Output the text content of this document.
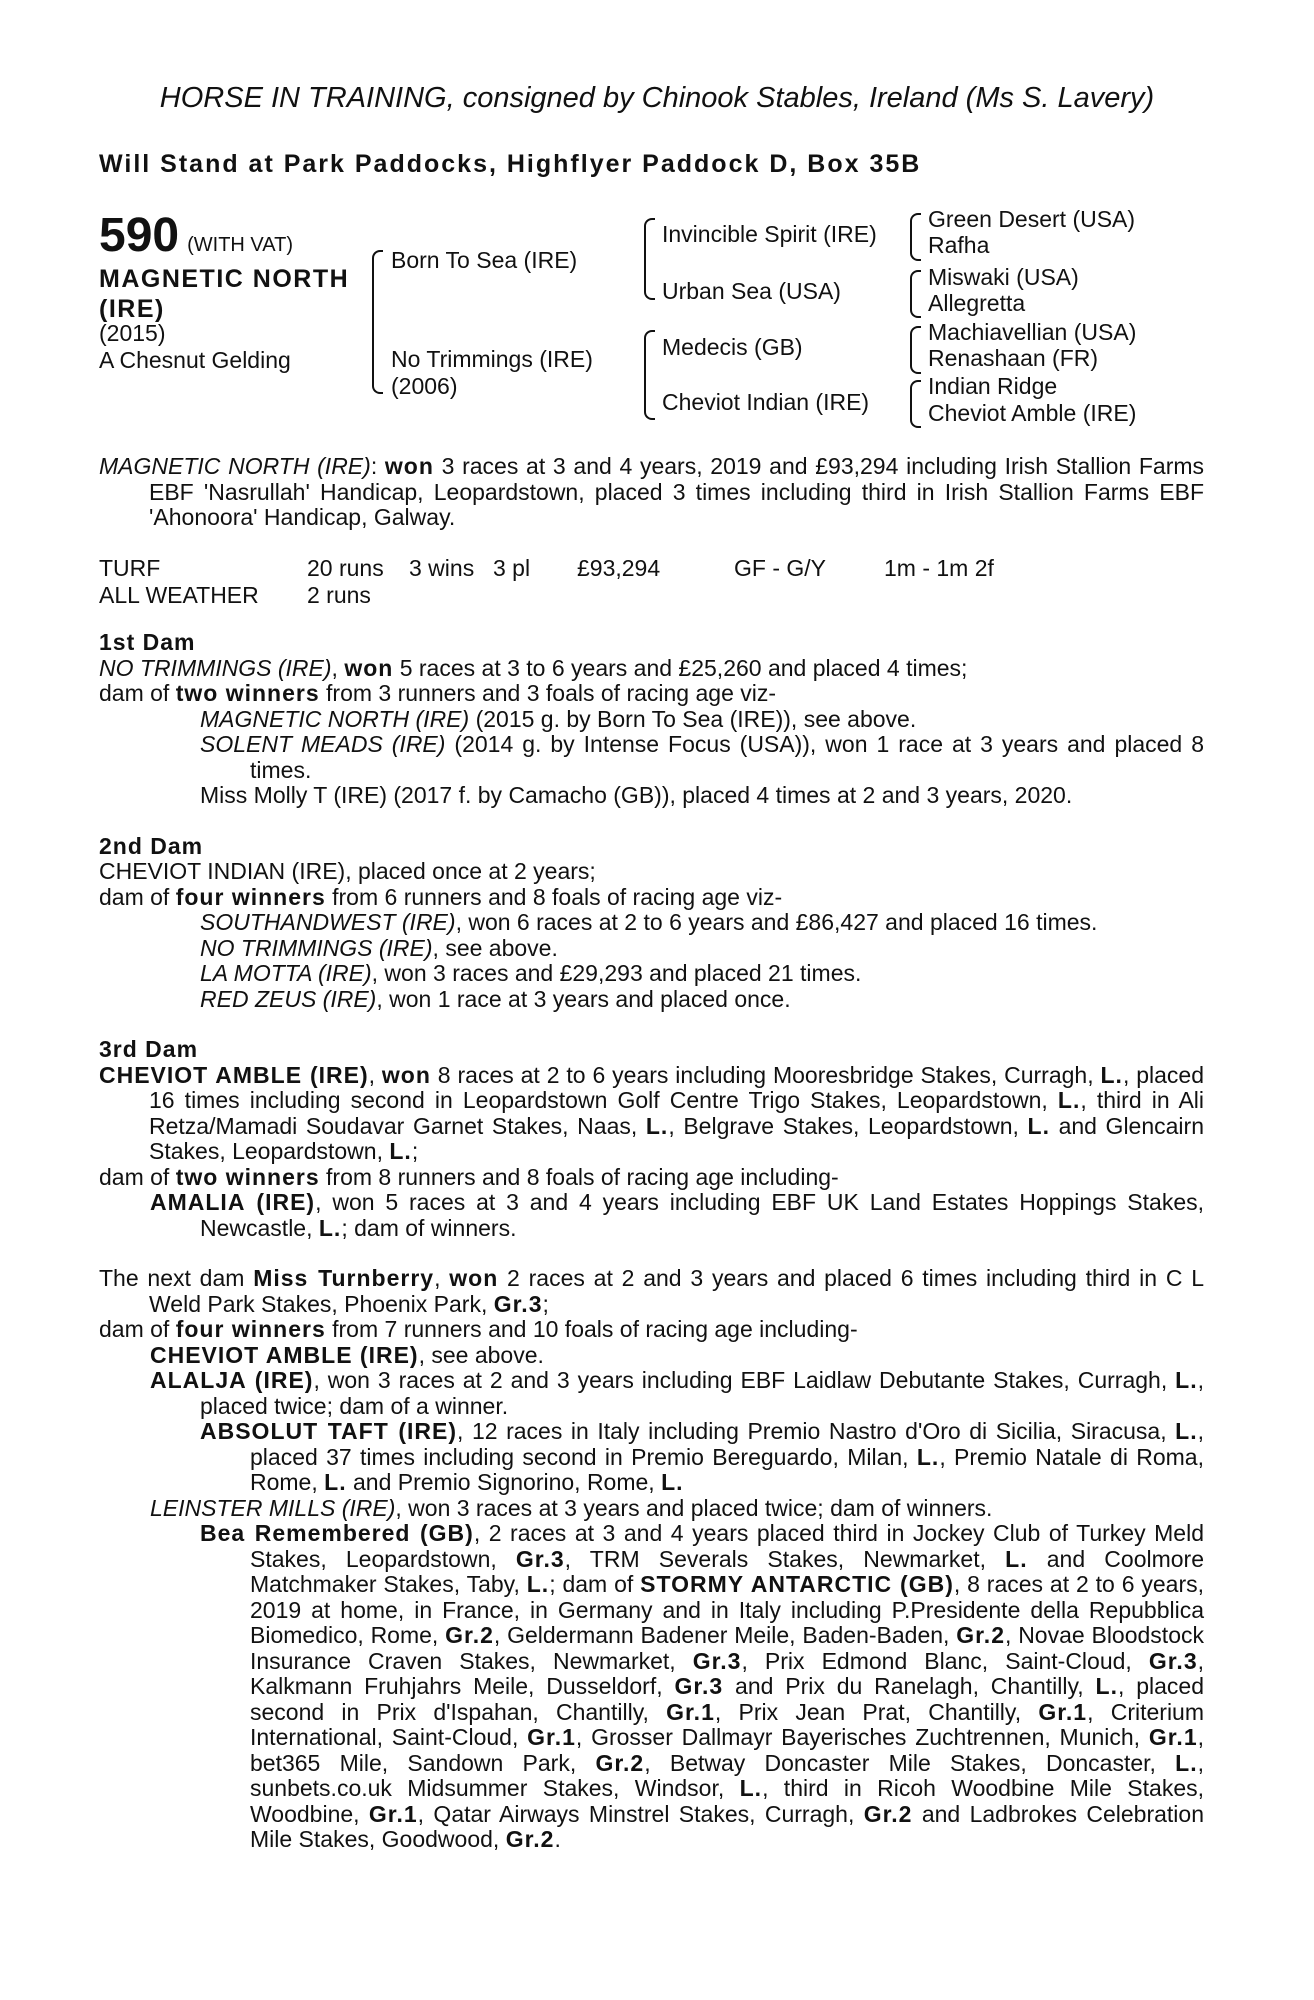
HORSE IN TRAINING, consigned by Chinook Stables, Ireland (Ms S. Lavery)
Will Stand at Park Paddocks, Highflyer Paddock D, Box 35B
590 (WITH VAT)
MAGNETIC NORTH
(IRE)
(2015)
A Chesnut Gelding
Born To Sea (IRE)
No Trimmings (IRE)
(2006)
Invincible Spirit (IRE)
Urban Sea (USA)
Medecis (GB)
Cheviot Indian (IRE)
Green Desert (USA)
Rafha
Miswaki (USA)
Allegretta
Machiavellian (USA)
Renashaan (FR)
Indian Ridge
Cheviot Amble (IRE)

MAGNETIC NORTH (IRE): won 3 races at 3 and 4 years, 2019 and £93,294 including Irish Stallion Farms EBF 'Nasrullah' Handicap, Leopardstown, placed 3 times including third in Irish Stallion Farms EBF 'Ahonoora' Handicap, Galway.

TURF	20 runs	3 wins	3 pl	£93,294	GF - G/Y	1m - 1m 2f
ALL WEATHER	2 runs					
1st Dam

NO TRIMMINGS (IRE), won 5 races at 3 to 6 years and £25,260 and placed 4 times;

dam of two winners from 3 runners and 3 foals of racing age viz-

MAGNETIC NORTH (IRE) (2015 g. by Born To Sea (IRE)), see above.

SOLENT MEADS (IRE) (2014 g. by Intense Focus (USA)), won 1 race at 3 years and placed 8 times.

Miss Molly T (IRE) (2017 f. by Camacho (GB)), placed 4 times at 2 and 3 years, 2020.

2nd Dam

CHEVIOT INDIAN (IRE), placed once at 2 years;

dam of four winners from 6 runners and 8 foals of racing age viz-

SOUTHANDWEST (IRE), won 6 races at 2 to 6 years and £86,427 and placed 16 times.

NO TRIMMINGS (IRE), see above.

LA MOTTA (IRE), won 3 races and £29,293 and placed 21 times.

RED ZEUS (IRE), won 1 race at 3 years and placed once.

3rd Dam

CHEVIOT AMBLE (IRE), won 8 races at 2 to 6 years including Mooresbridge Stakes, Curragh, L., placed 16 times including second in Leopardstown Golf Centre Trigo Stakes, Leopardstown, L., third in Ali Retza/Mamadi Soudavar Garnet Stakes, Naas, L., Belgrave Stakes, Leopardstown, L. and Glencairn Stakes, Leopardstown, L.;

dam of two winners from 8 runners and 8 foals of racing age including-

AMALIA (IRE), won 5 races at 3 and 4 years including EBF UK Land Estates Hoppings Stakes, Newcastle, L.; dam of winners.

The next dam Miss Turnberry, won 2 races at 2 and 3 years and placed 6 times including third in C L Weld Park Stakes, Phoenix Park, Gr.3;

dam of four winners from 7 runners and 10 foals of racing age including-

CHEVIOT AMBLE (IRE), see above.

ALALJA (IRE), won 3 races at 2 and 3 years including EBF Laidlaw Debutante Stakes, Curragh, L., placed twice; dam of a winner.

ABSOLUT TAFT (IRE), 12 races in Italy including Premio Nastro d'Oro di Sicilia, Siracusa, L., placed 37 times including second in Premio Bereguardo, Milan, L., Premio Natale di Roma, Rome, L. and Premio Signorino, Rome, L.

LEINSTER MILLS (IRE), won 3 races at 3 years and placed twice; dam of winners.

Bea Remembered (GB), 2 races at 3 and 4 years placed third in Jockey Club of Turkey Meld Stakes, Leopardstown, Gr.3, TRM Severals Stakes, Newmarket, L. and Coolmore Matchmaker Stakes, Taby, L.; dam of STORMY ANTARCTIC (GB), 8 races at 2 to 6 years, 2019 at home, in France, in Germany and in Italy including P.Presidente della Repubblica Biomedico, Rome, Gr.2, Geldermann Badener Meile, Baden-Baden, Gr.2, Novae Bloodstock Insurance Craven Stakes, Newmarket, Gr.3, Prix Edmond Blanc, Saint-Cloud, Gr.3, Kalkmann Fruhjahrs Meile, Dusseldorf, Gr.3 and Prix du Ranelagh, Chantilly, L., placed second in Prix d'Ispahan, Chantilly, Gr.1, Prix Jean Prat, Chantilly, Gr.1, Criterium International, Saint-Cloud, Gr.1, Grosser Dallmayr Bayerisches Zuchtrennen, Munich, Gr.1, bet365 Mile, Sandown Park, Gr.2, Betway Doncaster Mile Stakes, Doncaster, L., sunbets.co.uk Midsummer Stakes, Windsor, L., third in Ricoh Woodbine Mile Stakes, Woodbine, Gr.1, Qatar Airways Minstrel Stakes, Curragh, Gr.2 and Ladbrokes Celebration Mile Stakes, Goodwood, Gr.2.
